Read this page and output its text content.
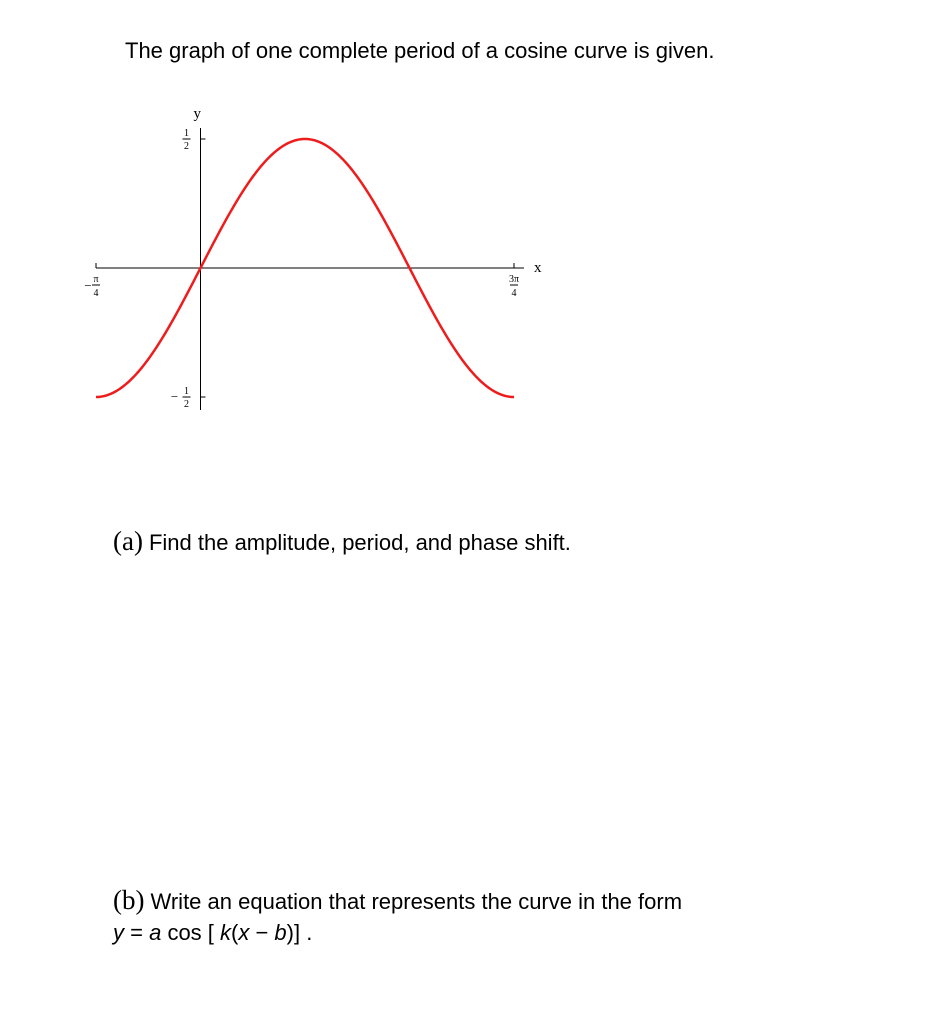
The graph of one complete period of a cosine curve is given.
x
y
− π
4
3π
4
1
2
− 1
2
(a) Find the amplitude, period, and phase shift.
(b) Write an equation that represents the curve in the form
y = a cos [ k(x − b)] .
